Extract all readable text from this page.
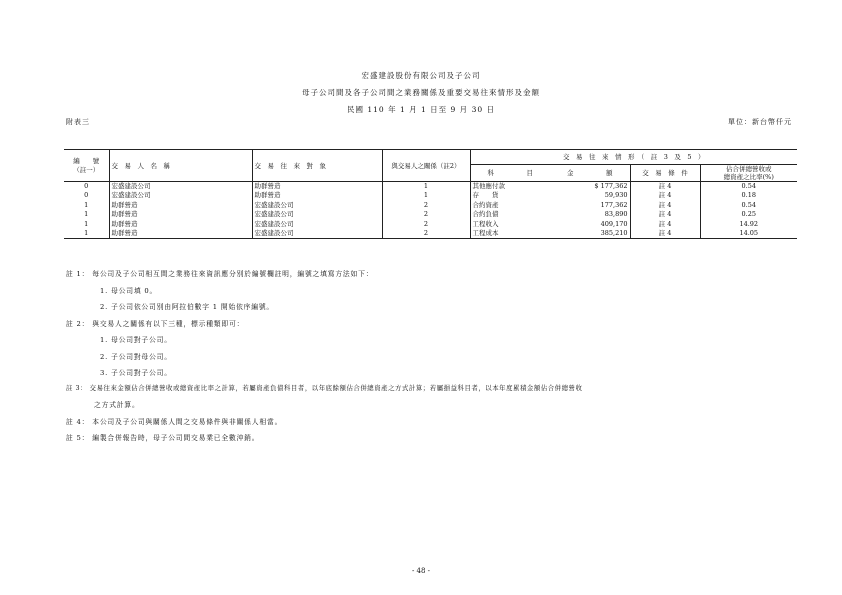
宏盛建設股份有限公司及子公司
母子公司間及各子公司間之業務關係及重要交易往來情形及金額
民國 110 年 1 月 1 日至 9 月 30 日
附表三	單位：新台幣仟元
編　　號
（註一）	交　易　人　名　稱	交　易　往　來　對　象	與交易人之關係（註2）	交　易　往　來　情　形　（　註　3　及　5　）			
				科　　　　　目	金　　　　　額	交　易　條　件	佔合併總營收或
總資產之比率(%)

0	宏盛建設公司	助群營造	1	其他應付款	$ 177,362	註 4	0.54
0	宏盛建設公司	助群營造	1	存　　貨	59,930	註 4	0.18
1	助群營造	宏盛建設公司	2	合約資產	177,362	註 4	0.54
1	助群營造	宏盛建設公司	2	合約負債	83,890	註 4	0.25
1	助群營造	宏盛建設公司	2	工程收入	409,170	註 4	14.92
1	助群營造	宏盛建設公司	2	工程成本	385,210	註 4	14.05
註 1： 每公司及子公司相互間之業務往來資訊應分別於編號欄註明，編號之填寫方法如下：
1. 母公司填 0。
2. 子公司依公司別由阿拉伯數字 1 開始依序編號。
註 2： 與交易人之關係有以下三種，標示種類即可：
1. 母公司對子公司。
2. 子公司對母公司。
3. 子公司對子公司。
註 3： 交易往來金額佔合併總營收或總資產比率之計算，若屬資產負債科目者，以年底餘額佔合併總資產之方式計算；若屬損益科目者，以本年度累積金額佔合併總營收
之方式計算。
註 4： 本公司及子公司與關係人間之交易條件與非關係人相當。
註 5： 編製合併報告時，母子公司間交易業已全數沖銷。
- 48 -
